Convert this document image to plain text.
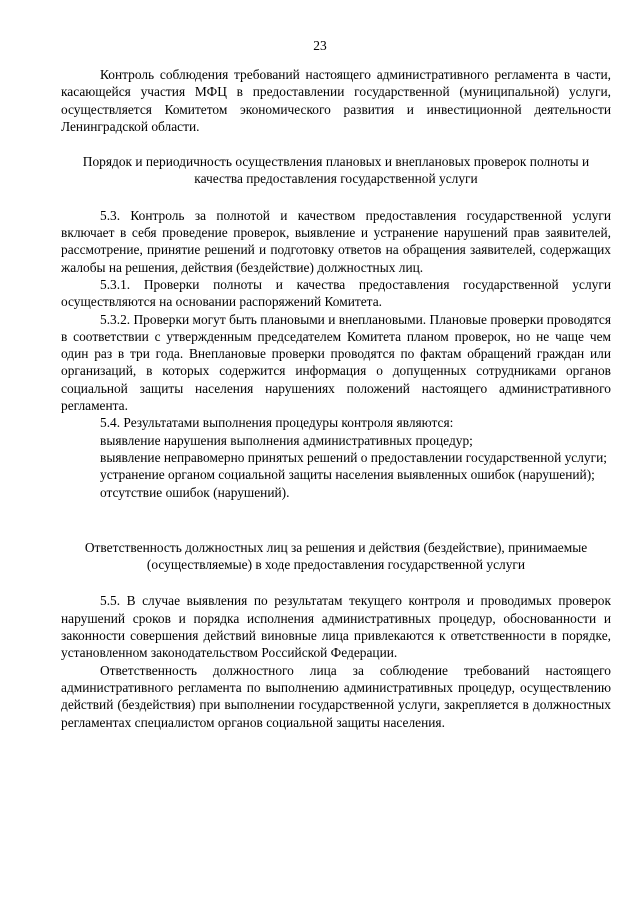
23

Контроль соблюдения требований настоящего административного регламента в части, касающейся участия МФЦ в предоставлении государственной (муниципальной) услуги, осуществляется Комитетом экономического развития и инвестиционной деятельности Ленинградской области.

Порядок и периодичность осуществления плановых и внеплановых проверок полноты и качества предоставления государственной услуги

5.3. Контроль за полнотой и качеством предоставления государственной услуги включает в себя проведение проверок, выявление и устранение нарушений прав заявителей, рассмотрение, принятие решений и подготовку ответов на обращения заявителей, содержащих жалобы на решения, действия (бездействие) должностных лиц.

5.3.1. Проверки полноты и качества предоставления государственной услуги осуществляются на основании распоряжений Комитета.

5.3.2. Проверки могут быть плановыми и внеплановыми. Плановые проверки проводятся в соответствии с утвержденным председателем Комитета планом проверок, но не чаще чем один раз в три года. Внеплановые проверки проводятся по фактам обращений граждан или организаций, в которых содержится информация о допущенных сотрудниками органов социальной защиты населения нарушениях положений настоящего административного регламента.

5.4. Результатами выполнения процедуры контроля являются:

выявление нарушения выполнения административных процедур;

выявление неправомерно принятых решений о предоставлении государственной услуги;

устранение органом социальной защиты населения выявленных ошибок (нарушений);

отсутствие ошибок (нарушений).

Ответственность должностных лиц за решения и действия (бездействие), принимаемые (осуществляемые) в ходе предоставления государственной услуги

5.5. В случае выявления по результатам текущего контроля и проводимых проверок нарушений сроков и порядка исполнения административных процедур, обоснованности и законности совершения действий виновные лица привлекаются к ответственности в порядке, установленном законодательством Российской Федерации.

Ответственность должностного лица за соблюдение требований настоящего административного регламента по выполнению административных процедур, осуществлению действий (бездействия) при выполнении государственной услуги, закрепляется в должностных регламентах специалистом органов социальной защиты населения.
